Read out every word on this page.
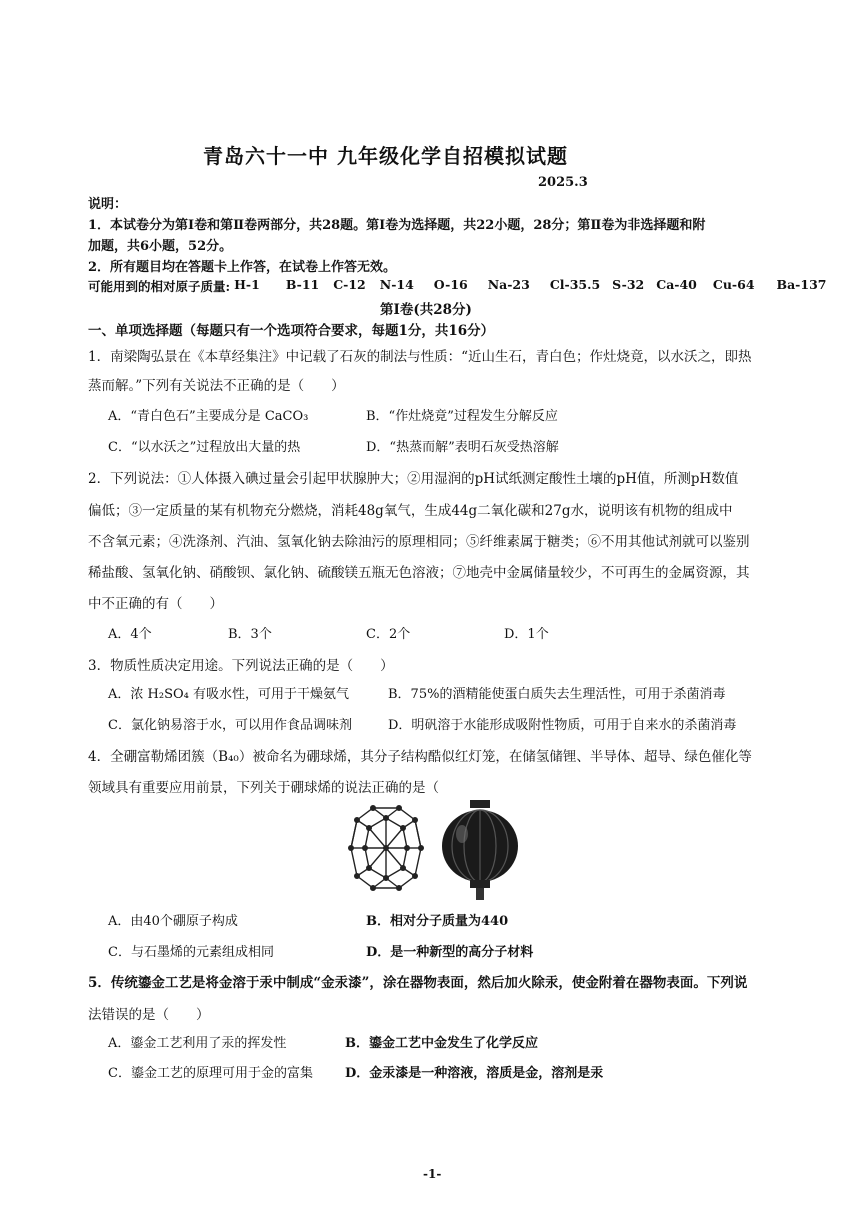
青岛六十一中 九年级化学自招模拟试题
2025.3
说明：
1．本试卷分为第Ⅰ卷和第Ⅱ卷两部分，共28题。第Ⅰ卷为选择题，共22小题，28分；第Ⅱ卷为非选择题和附
加题，共6小题，52分。
2．所有题目均在答题卡上作答，在试卷上作答无效。
可能用到的相对原子质量: H-1 B-11 C-12 N-14 O-16 Na-23 Cl-35.5 S-32 Ca-40 Cu-64 Ba-137
第Ⅰ卷(共28分)
一、单项选择题（每题只有一个选项符合要求，每题1分，共16分）
1．南梁陶弘景在《本草经集注》中记载了石灰的制法与性质：“近山生石，青白色；作灶烧竟，以水沃之，即热
蒸而解。”下列有关说法不正确的是（　　）
A．“青白色石”主要成分是 CaCO₃	B．“作灶烧竟”过程发生分解反应
C．“以水沃之”过程放出大量的热	D．“热蒸而解”表明石灰受热溶解
2．下列说法：①人体摄入碘过量会引起甲状腺肿大；②用湿润的pH试纸测定酸性土壤的pH值，所测pH数值
偏低；③一定质量的某有机物充分燃烧，消耗48g氧气，生成44g二氧化碳和27g水，说明该有机物的组成中
不含氧元素；④洗涤剂、汽油、氢氧化钠去除油污的原理相同；⑤纤维素属于糖类；⑥不用其他试剂就可以鉴别
稀盐酸、氢氧化钠、硝酸钡、氯化钠、硫酸镁五瓶无色溶液；⑦地壳中金属储量较少，不可再生的金属资源，其
中不正确的有（　　）
A．4个	B．3个	C．2个	D．1个
3．物质性质决定用途。下列说法正确的是（　　）
A．浓 H₂SO₄ 有吸水性，可用于干燥氨气	B．75%的酒精能使蛋白质失去生理活性，可用于杀菌消毒
C．氯化钠易溶于水，可以用作食品调味剂	D．明矾溶于水能形成吸附性物质，可用于自来水的杀菌消毒
4．全硼富勒烯团簇（B₄₀）被命名为硼球烯，其分子结构酷似红灯笼，在储氢储锂、半导体、超导、绿色催化等
领域具有重要应用前景，下列关于硼球烯的说法正确的是（
A．由40个硼原子构成	B．相对分子质量为440
C．与石墨烯的元素组成相同	D．是一种新型的高分子材料
5．传统鎏金工艺是将金溶于汞中制成“金汞漆”，涂在器物表面，然后加火除汞，使金附着在器物表面。下列说
法错误的是（　　）
A．鎏金工艺利用了汞的挥发性	B．鎏金工艺中金发生了化学反应
C．鎏金工艺的原理可用于金的富集 D．金汞漆是一种溶液，溶质是金，溶剂是汞
-1-
